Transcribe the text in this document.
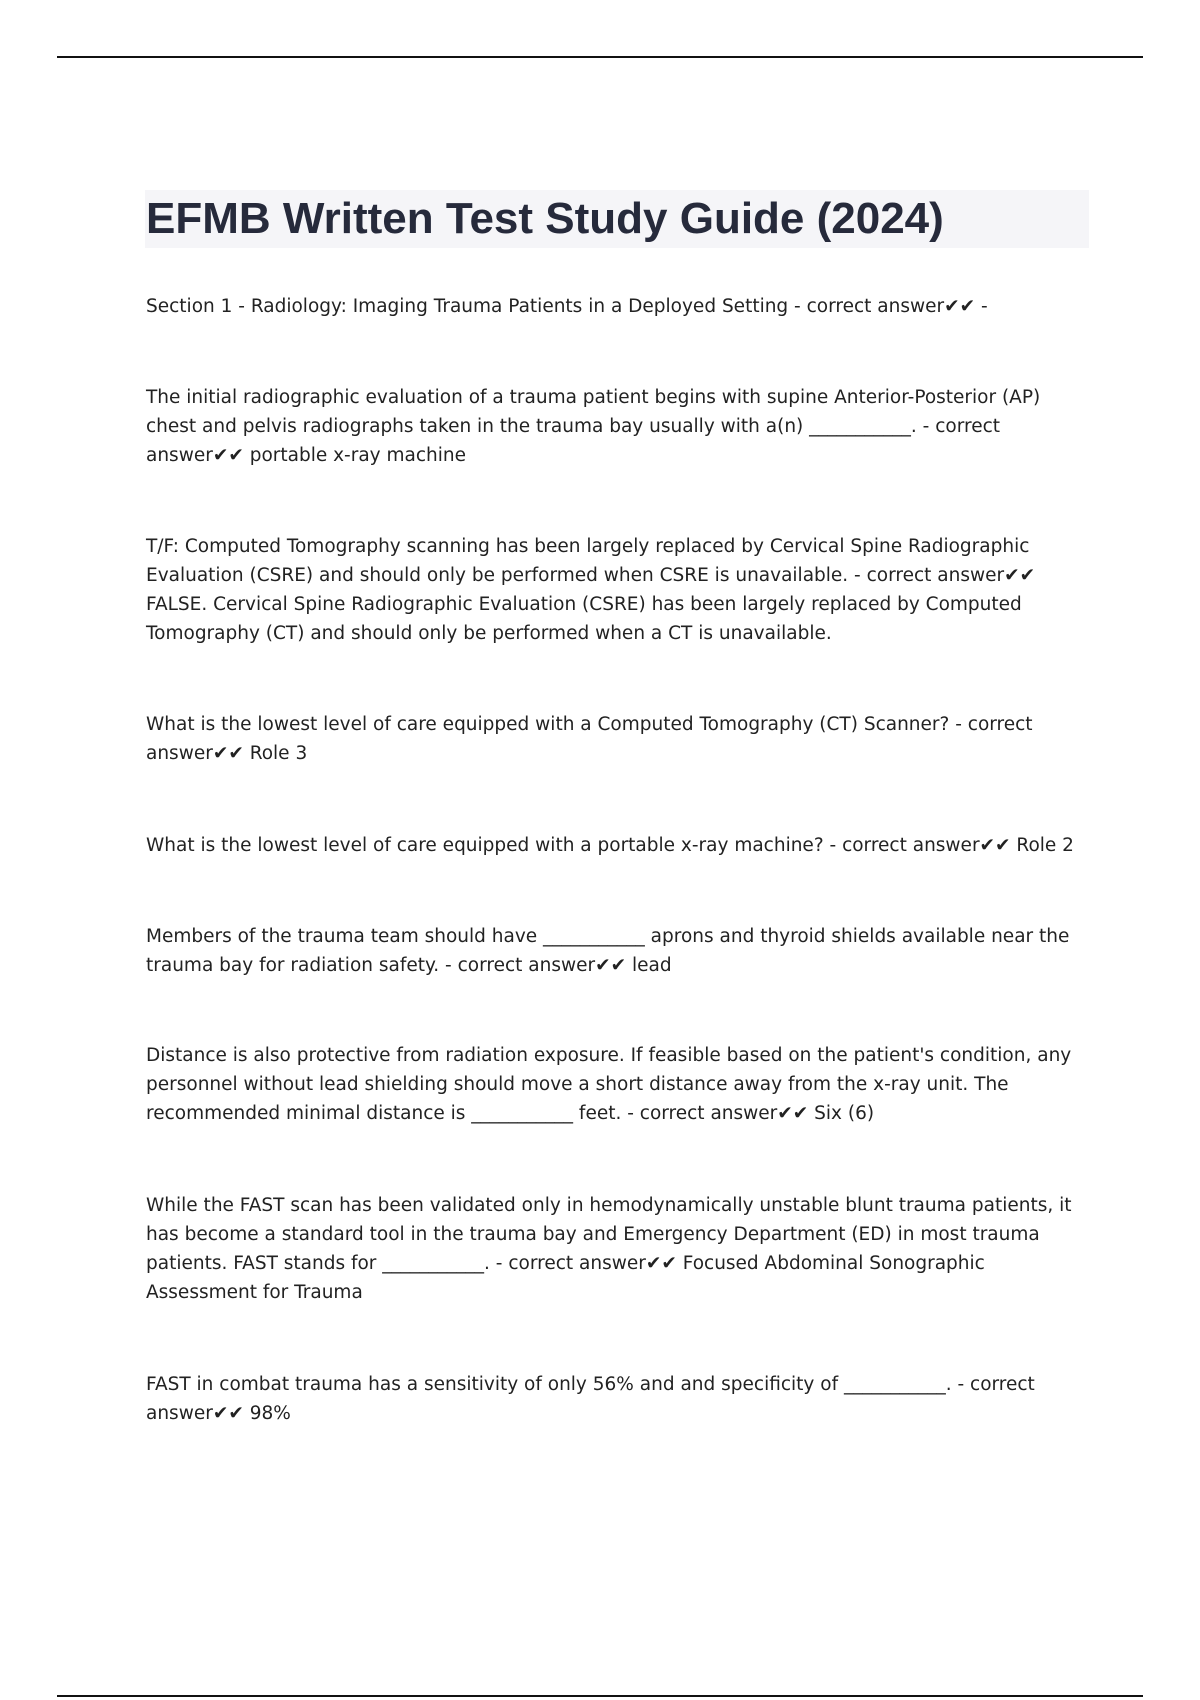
EFMB Written Test Study Guide (2024)

Section 1 - Radiology: Imaging Trauma Patients in a Deployed Setting - correct answer✔✔ -

The initial radiographic evaluation of a trauma patient begins with supine Anterior-Posterior (AP) chest and pelvis radiographs taken in the trauma bay usually with a(n) ___________. - correct answer✔✔ portable x-ray machine

T/F: Computed Tomography scanning has been largely replaced by Cervical Spine Radiographic Evaluation (CSRE) and should only be performed when CSRE is unavailable. - correct answer✔✔ FALSE. Cervical Spine Radiographic Evaluation (CSRE) has been largely replaced by Computed Tomography (CT) and should only be performed when a CT is unavailable.

What is the lowest level of care equipped with a Computed Tomography (CT) Scanner? - correct answer✔✔ Role 3

What is the lowest level of care equipped with a portable x-ray machine? - correct answer✔✔ Role 2

Members of the trauma team should have ___________ aprons and thyroid shields available near the trauma bay for radiation safety. - correct answer✔✔ lead

Distance is also protective from radiation exposure. If feasible based on the patient's condition, any personnel without lead shielding should move a short distance away from the x-ray unit. The recommended minimal distance is ___________ feet. - correct answer✔✔ Six (6)

While the FAST scan has been validated only in hemodynamically unstable blunt trauma patients, it has become a standard tool in the trauma bay and Emergency Department (ED) in most trauma patients. FAST stands for ___________. - correct answer✔✔ Focused Abdominal Sonographic Assessment for Trauma

FAST in combat trauma has a sensitivity of only 56% and and specificity of ___________. - correct answer✔✔ 98%
